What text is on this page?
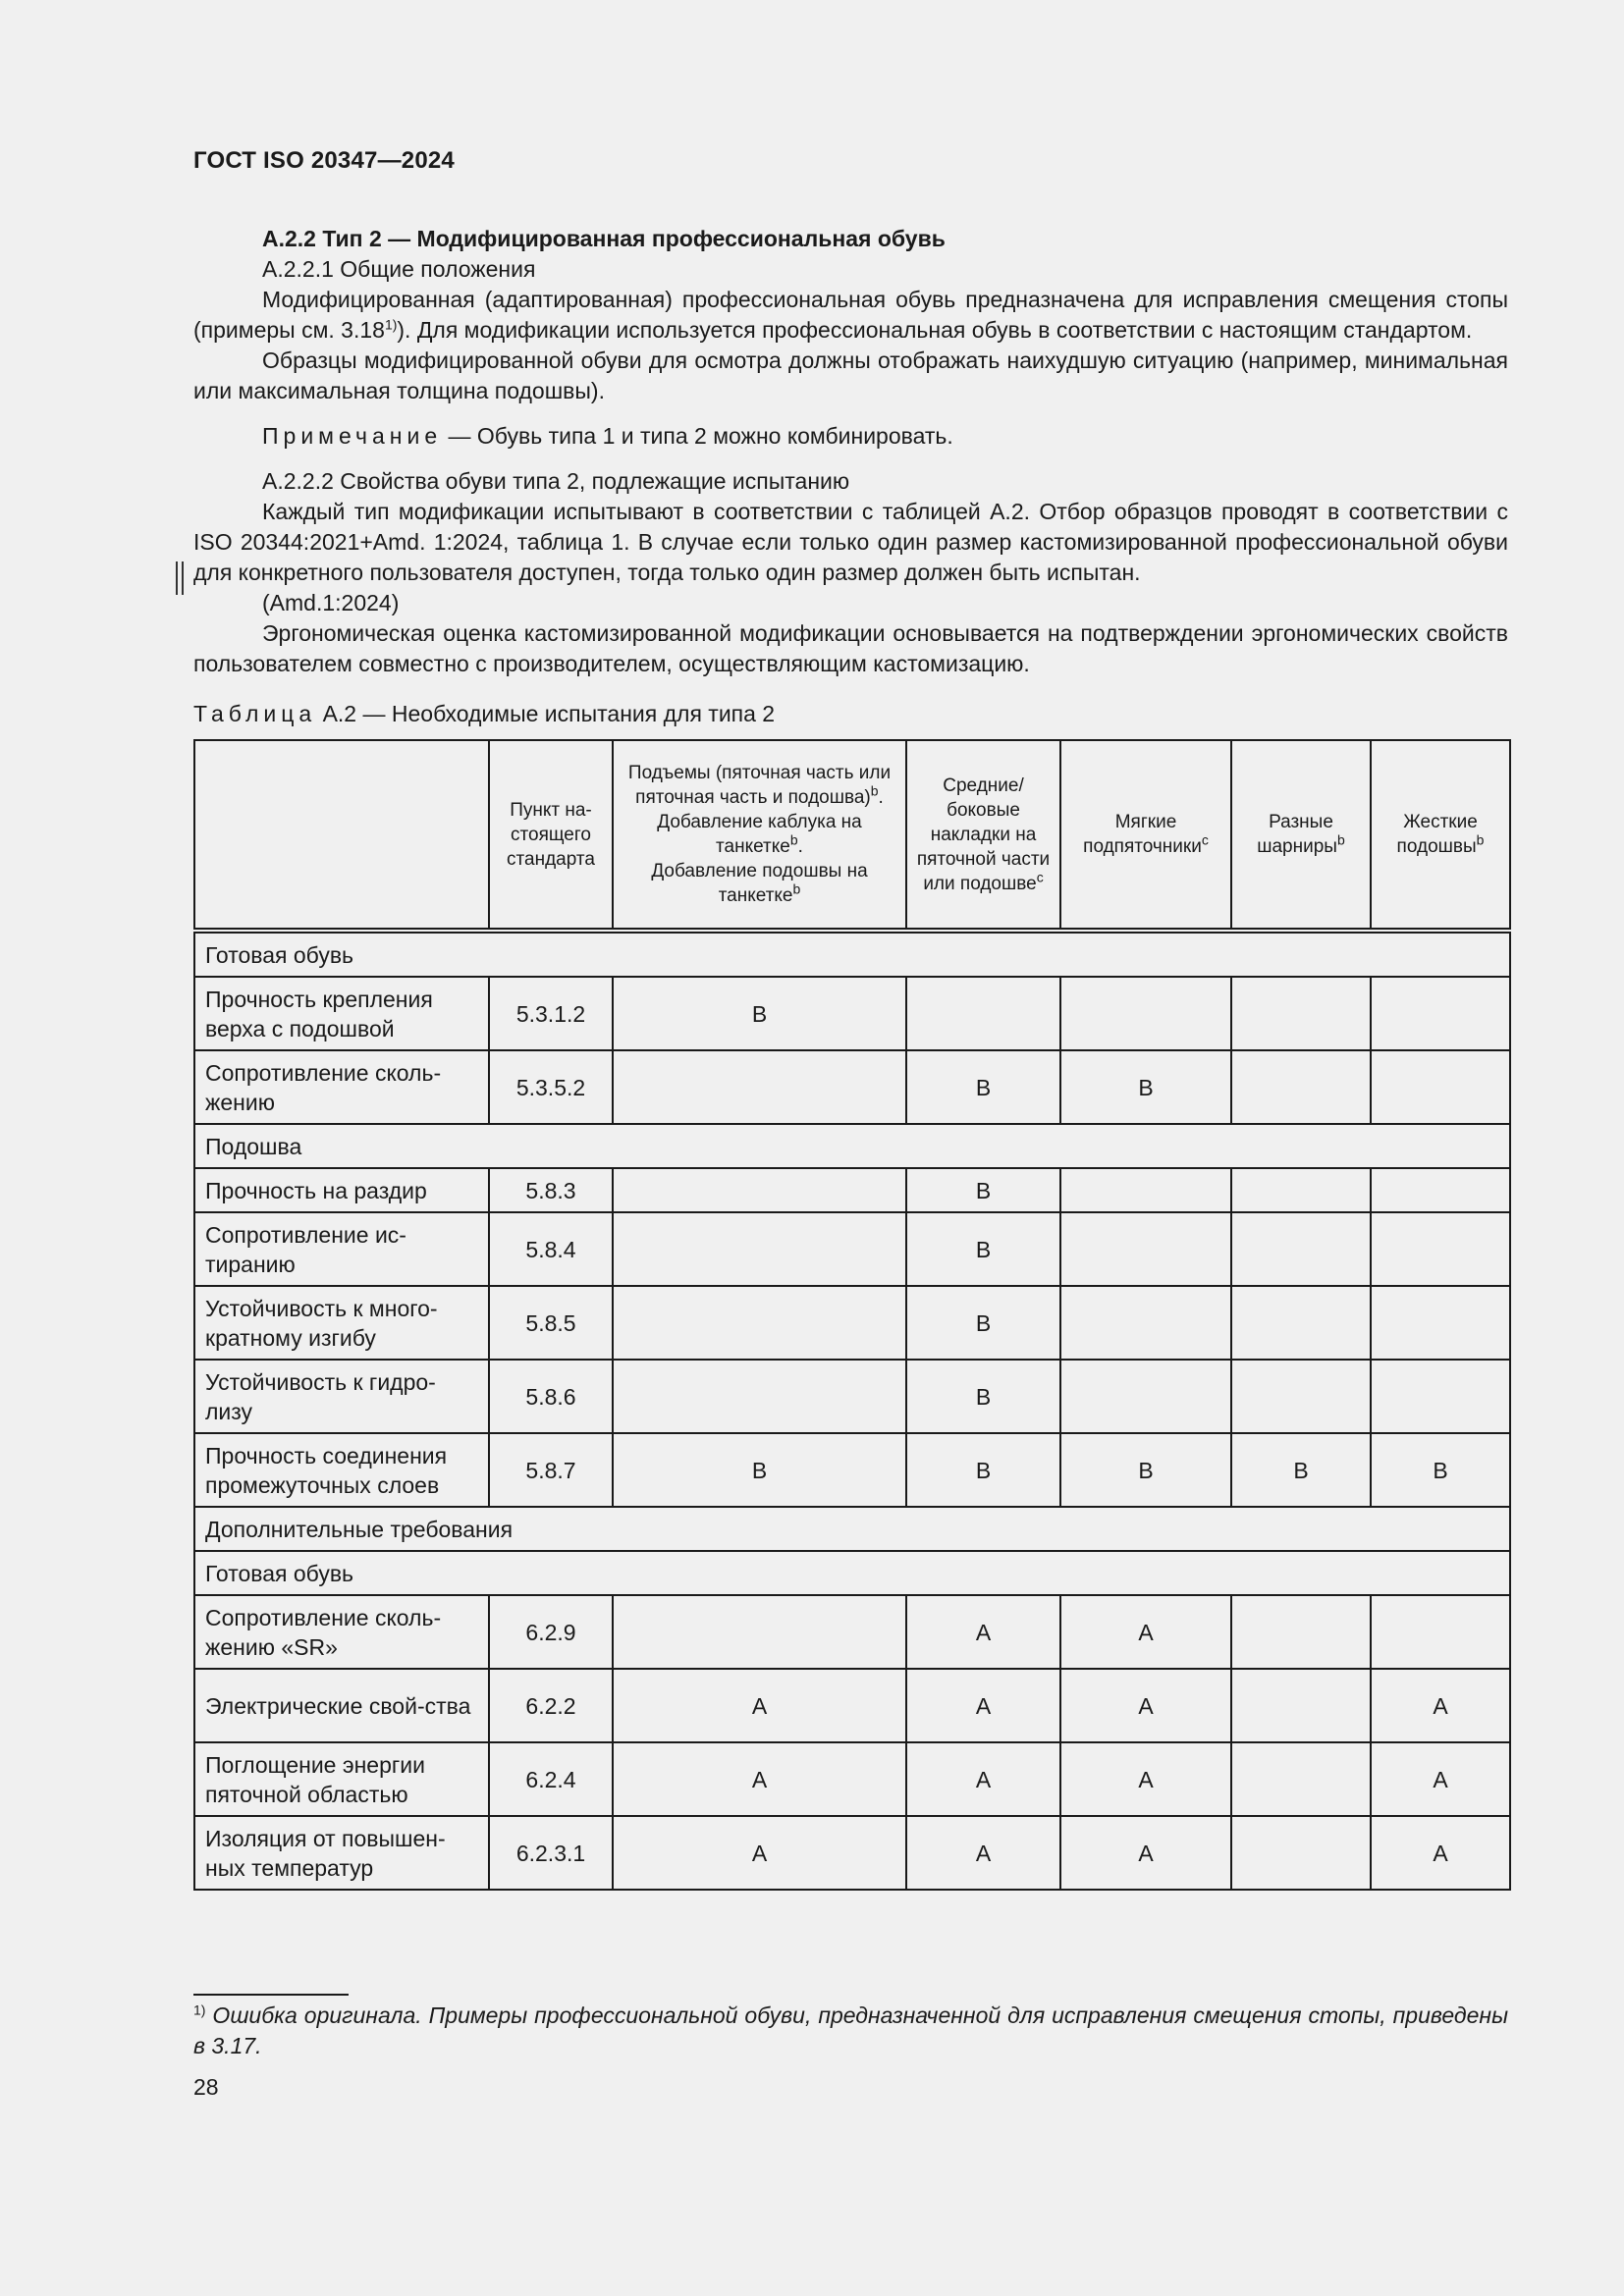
ГОСТ ISO 20347—2024

А.2.2 Тип 2 — Модифицированная профессиональная обувь

А.2.2.1 Общие положения

Модифицированная (адаптированная) профессиональная обувь предназначена для исправления смещения стопы (примеры см. 3.18$^{1)}$). Для модификации используется профессиональная обувь в соответствии с настоящим стандартом.

Образцы модифицированной обуви для осмотра должны отображать наихудшую ситуацию (например, минимальная или максимальная толщина подошвы).

Примечание — Обувь типа 1 и типа 2 можно комбинировать.

А.2.2.2 Свойства обуви типа 2, подлежащие испытанию

Каждый тип модификации испытывают в соответствии с таблицей А.2. Отбор образцов проводят в соответствии с ISO 20344:2021+Amd. 1:2024, таблица 1. В случае если только один размер кастомизированной профессиональной обуви для конкретного пользователя доступен, тогда только один размер должен быть испытан.

(Amd.1:2024)

Эргономическая оценка кастомизированной модификации основывается на подтверждении эргономических свойств пользователем совместно с производителем, осуществляющим кастомизацию.

Таблица А.2 — Необходимые испытания для типа 2

	Пункт на-стоящего стандарта	Подъемы (пяточная часть или пяточная часть и подошва)$^b$.
Добавление каблука на танкетке$^b$.
Добавление подошвы на танкетке$^b$	Средние/ боковые накладки на пяточной части или подошве$^c$	Мягкие подпяточники$^c$	Разные шарниры$^b$	Жесткие подошвы$^b$
Готовая обувь						
Прочность крепления верха с подошвой	5.3.1.2	В				
Сопротивление сколь-жению	5.3.5.2		В	В		
Подошва						
Прочность на раздир	5.8.3		В			
Сопротивление ис-тиранию	5.8.4		В			
Устойчивость к много-кратному изгибу	5.8.5		В			
Устойчивость к гидро-лизу	5.8.6		В			
Прочность соединения промежуточных слоев	5.8.7	В	В	В	В	В
Дополнительные требования						
Готовая обувь						
Сопротивление сколь-жению «SR»	6.2.9		А	А		
Электрические свой-ства	6.2.2	А	А	А		А
Поглощение энергии пяточной областью	6.2.4	А	А	А		А
Изоляция от повышен-ных температур	6.2.3.1	А	А	А		А
$^{1)}$ Ошибка оригинала. Примеры профессиональной обуви, предназначенной для исправления смещения стопы, приведены в 3.17.
28
